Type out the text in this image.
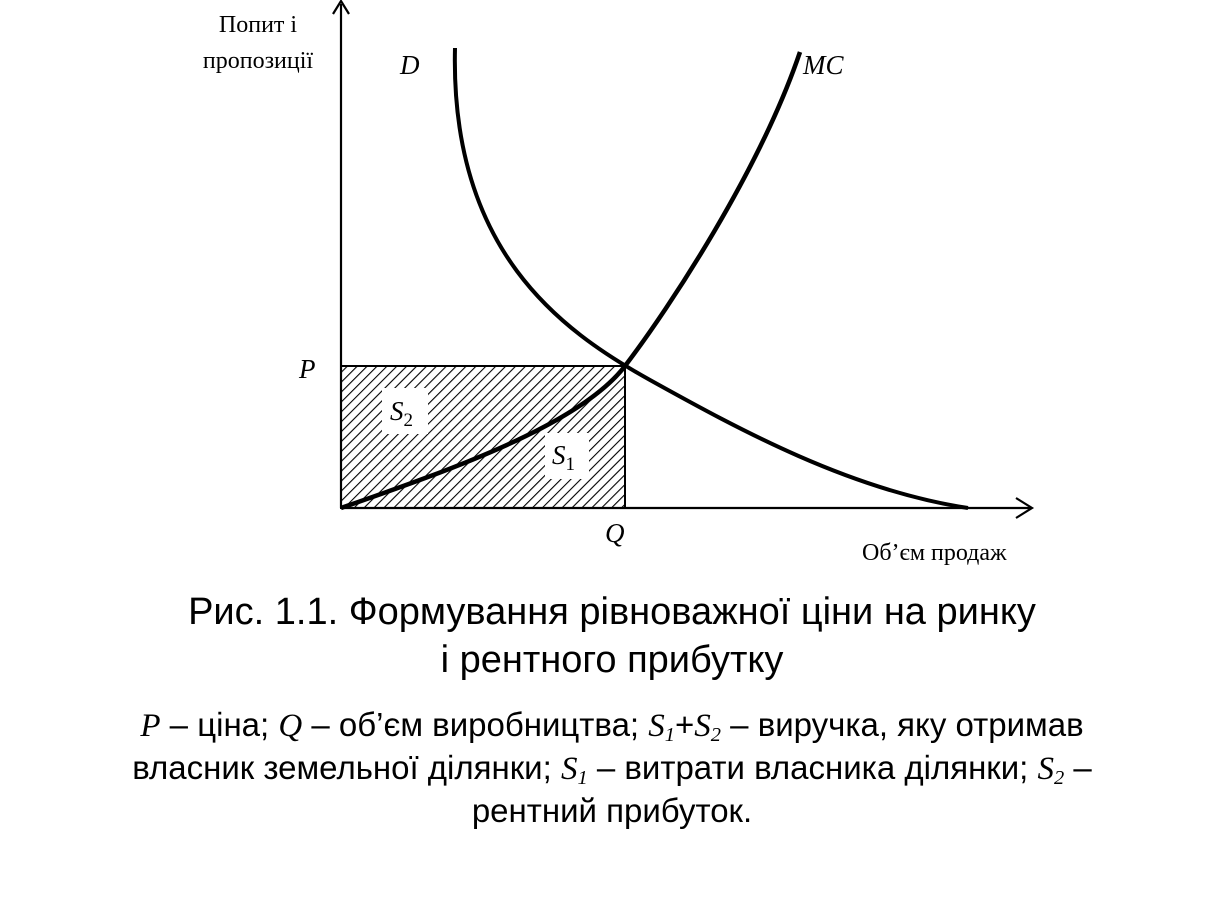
Попит і
пропозиції	D	MC
P
Q
Об’єм продаж
$S_2$
$S_1$
Рис. 1.1. Формування рівноважної ціни на ринку
і рентного прибутку
P – ціна; Q – об’єм виробництва; $S_1+S_2$ – виручка, яку отримав
власник земельної ділянки; $S_1$ – витрати власника ділянки; $S_2$ –
рентний прибуток.
